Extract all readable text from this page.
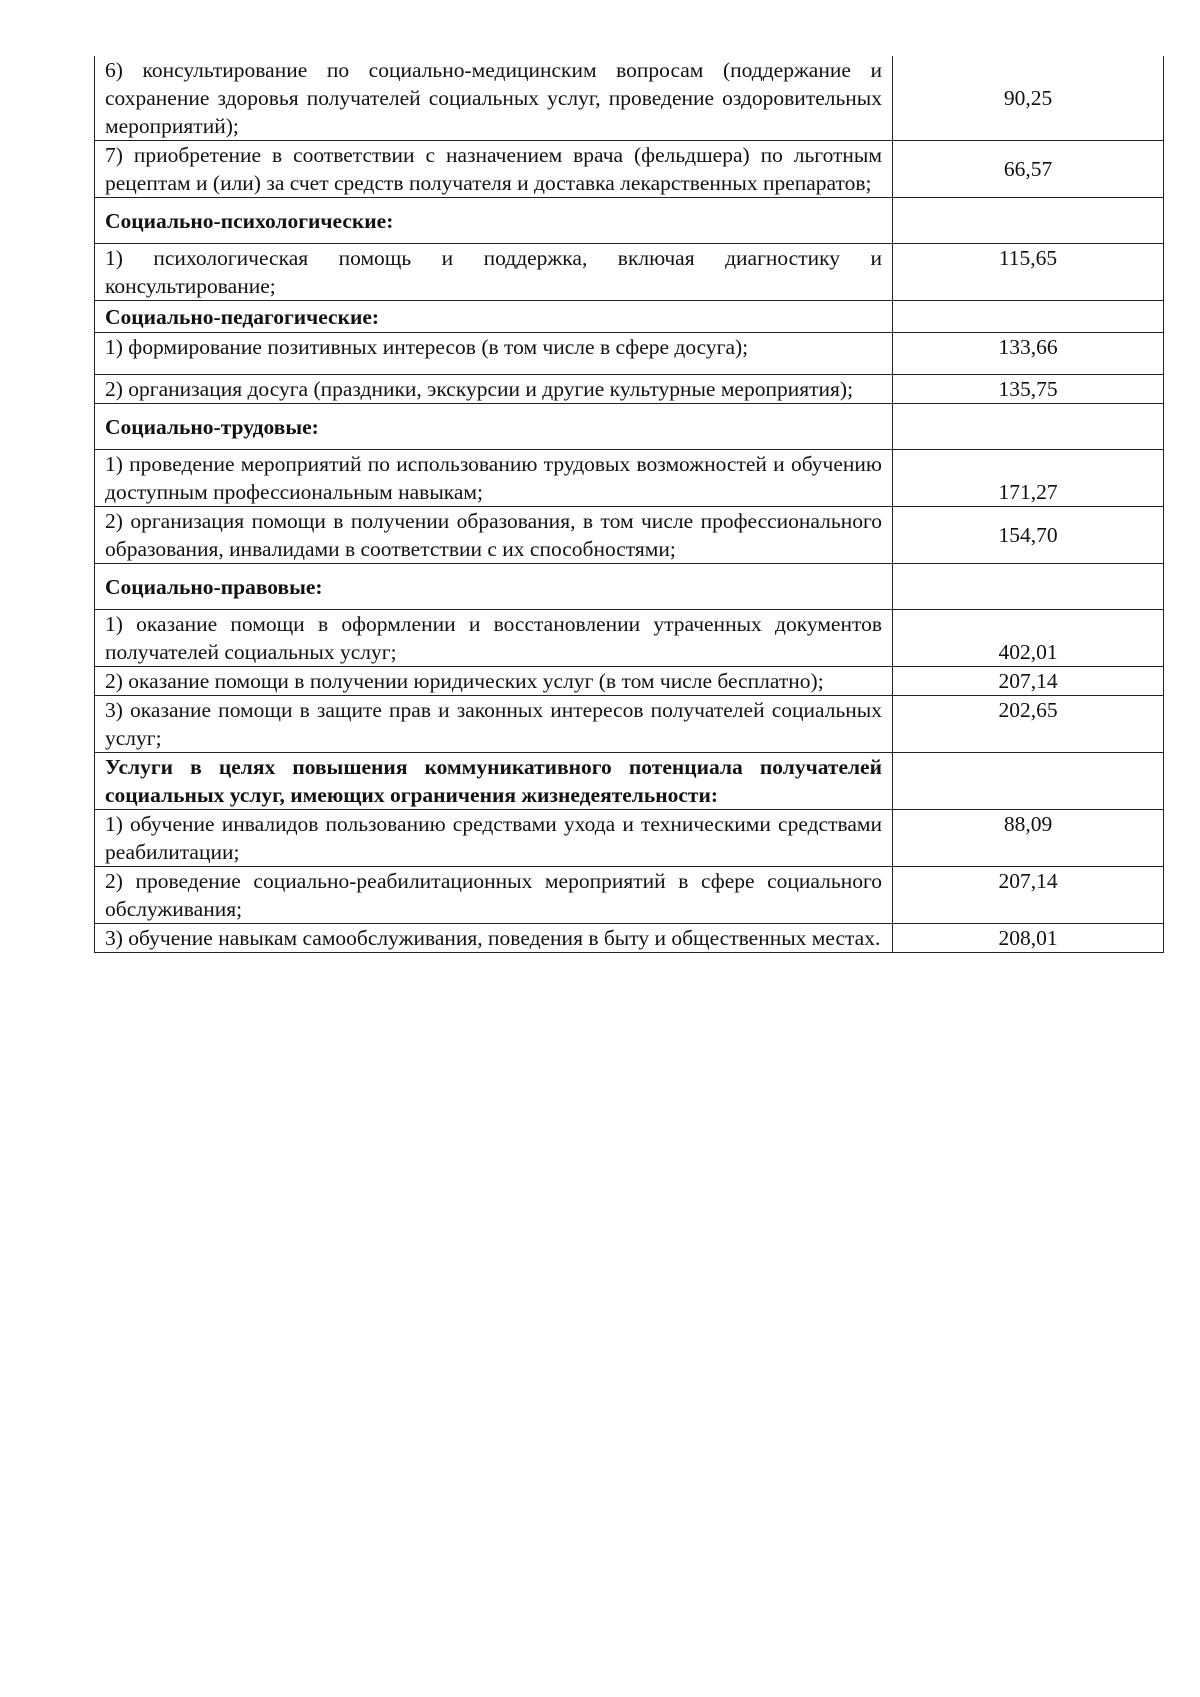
6) консультирование по социально-медицинским вопросам (поддержание и сохранение здоровья получателей социальных услуг, проведение оздоровительных мероприятий);	90,25
7) приобретение в соответствии с назначением врача (фельдшера) по льготным рецептам и (или) за счет средств получателя и доставка лекарственных препаратов;	66,57
Социально-психологические:	
1) психологическая помощь и поддержка, включая диагностику и консультирование;	115,65
Социально-педагогические:	
1) формирование позитивных интересов (в том числе в сфере досуга);	133,66
2) организация досуга (праздники, экскурсии и другие культурные мероприятия);	135,75
Социально-трудовые:	
1) проведение мероприятий по использованию трудовых возможностей и обучению доступным профессиональным навыкам;	171,27
2) организация помощи в получении образования, в том числе профессионального образования, инвалидами в соответствии с их способностями;	154,70
Социально-правовые:	
1) оказание помощи в оформлении и восстановлении утраченных документов получателей социальных услуг;	402,01
2) оказание помощи в получении юридических услуг (в том числе бесплатно);	207,14
3) оказание помощи в защите прав и законных интересов получателей социальных услуг;	202,65
Услуги в целях повышения коммуникативного потенциала получателей социальных услуг, имеющих ограничения жизнедеятельности:	
1) обучение инвалидов пользованию средствами ухода и техническими средствами реабилитации;	88,09
2) проведение социально-реабилитационных мероприятий в сфере социального обслуживания;	207,14
3) обучение навыкам самообслуживания, поведения в быту и общественных местах.	208,01
